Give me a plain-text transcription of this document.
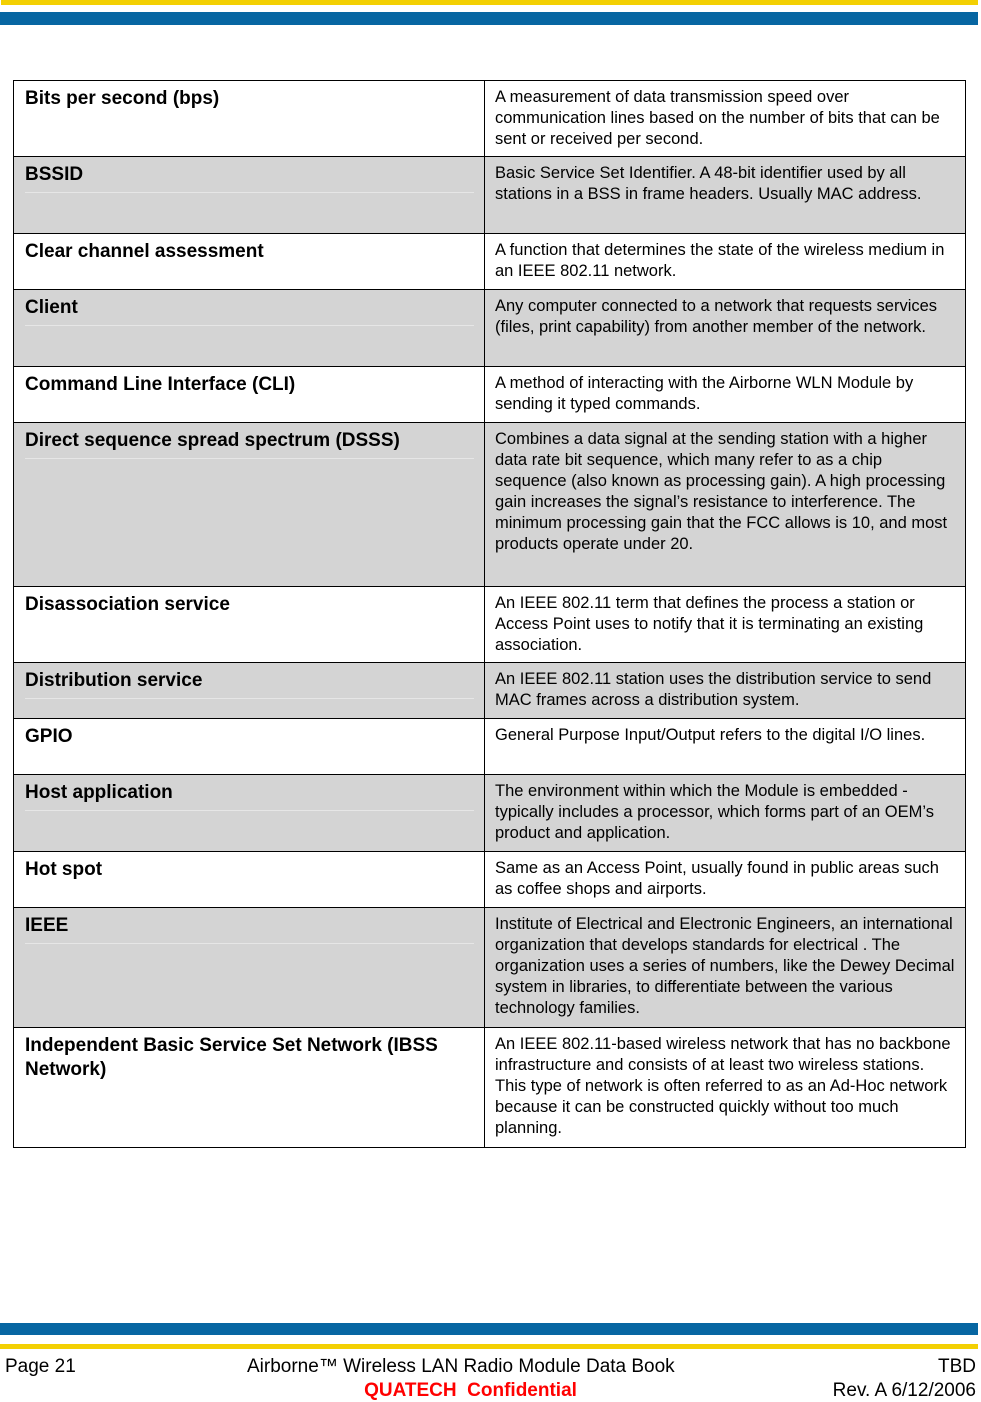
Bits per second (bps)	A measurement of data transmission speed over communication lines based on the number of bits that can be sent or received per second.

BSSID	Basic Service Set Identifier. A 48-bit identifier used by all stations in a BSS in frame headers. Usually MAC address.

Clear channel assessment	A function that determines the state of the wireless medium in an IEEE 802.11 network.

Client	Any computer connected to a network that requests services (files, print capability) from another member of the network.

Command Line Interface (CLI)	A method of interacting with the Airborne WLN Module by sending it typed commands.

Direct sequence spread spectrum (DSSS)	Combines a data signal at the sending station with a higher data rate bit sequence, which many refer to as a chip sequence (also known as processing gain). A high processing gain increases the signal’s resistance to interference. The minimum processing gain that the FCC allows is 10, and most products operate under 20.

Disassociation service	An IEEE 802.11 term that defines the process a station or Access Point uses to notify that it is terminating an existing association.

Distribution service	An IEEE 802.11 station uses the distribution service to send MAC frames across a distribution system.

GPIO	General Purpose Input/Output refers to the digital I/O lines.

Host application	The environment within which the Module is embedded - typically includes a processor, which forms part of an OEM’s product and application.

Hot spot	Same as an Access Point, usually found in public areas such as coffee shops and airports.

IEEE	Institute of Electrical and Electronic Engineers, an international organization that develops standards for electrical . The organization uses a series of numbers, like the Dewey Decimal system in libraries, to differentiate between the various technology families.

Independent Basic Service Set Network (IBSS Network)	An IEEE 802.11-based wireless network that has no backbone infrastructure and consists of at least two wireless stations. This type of network is often referred to as an Ad-Hoc network because it can be constructed quickly without too much planning.
Page 21	Airborne™ Wireless LAN Radio Module Data Book	TBD
QUATECH  Confidential	Rev. A 6/12/2006
